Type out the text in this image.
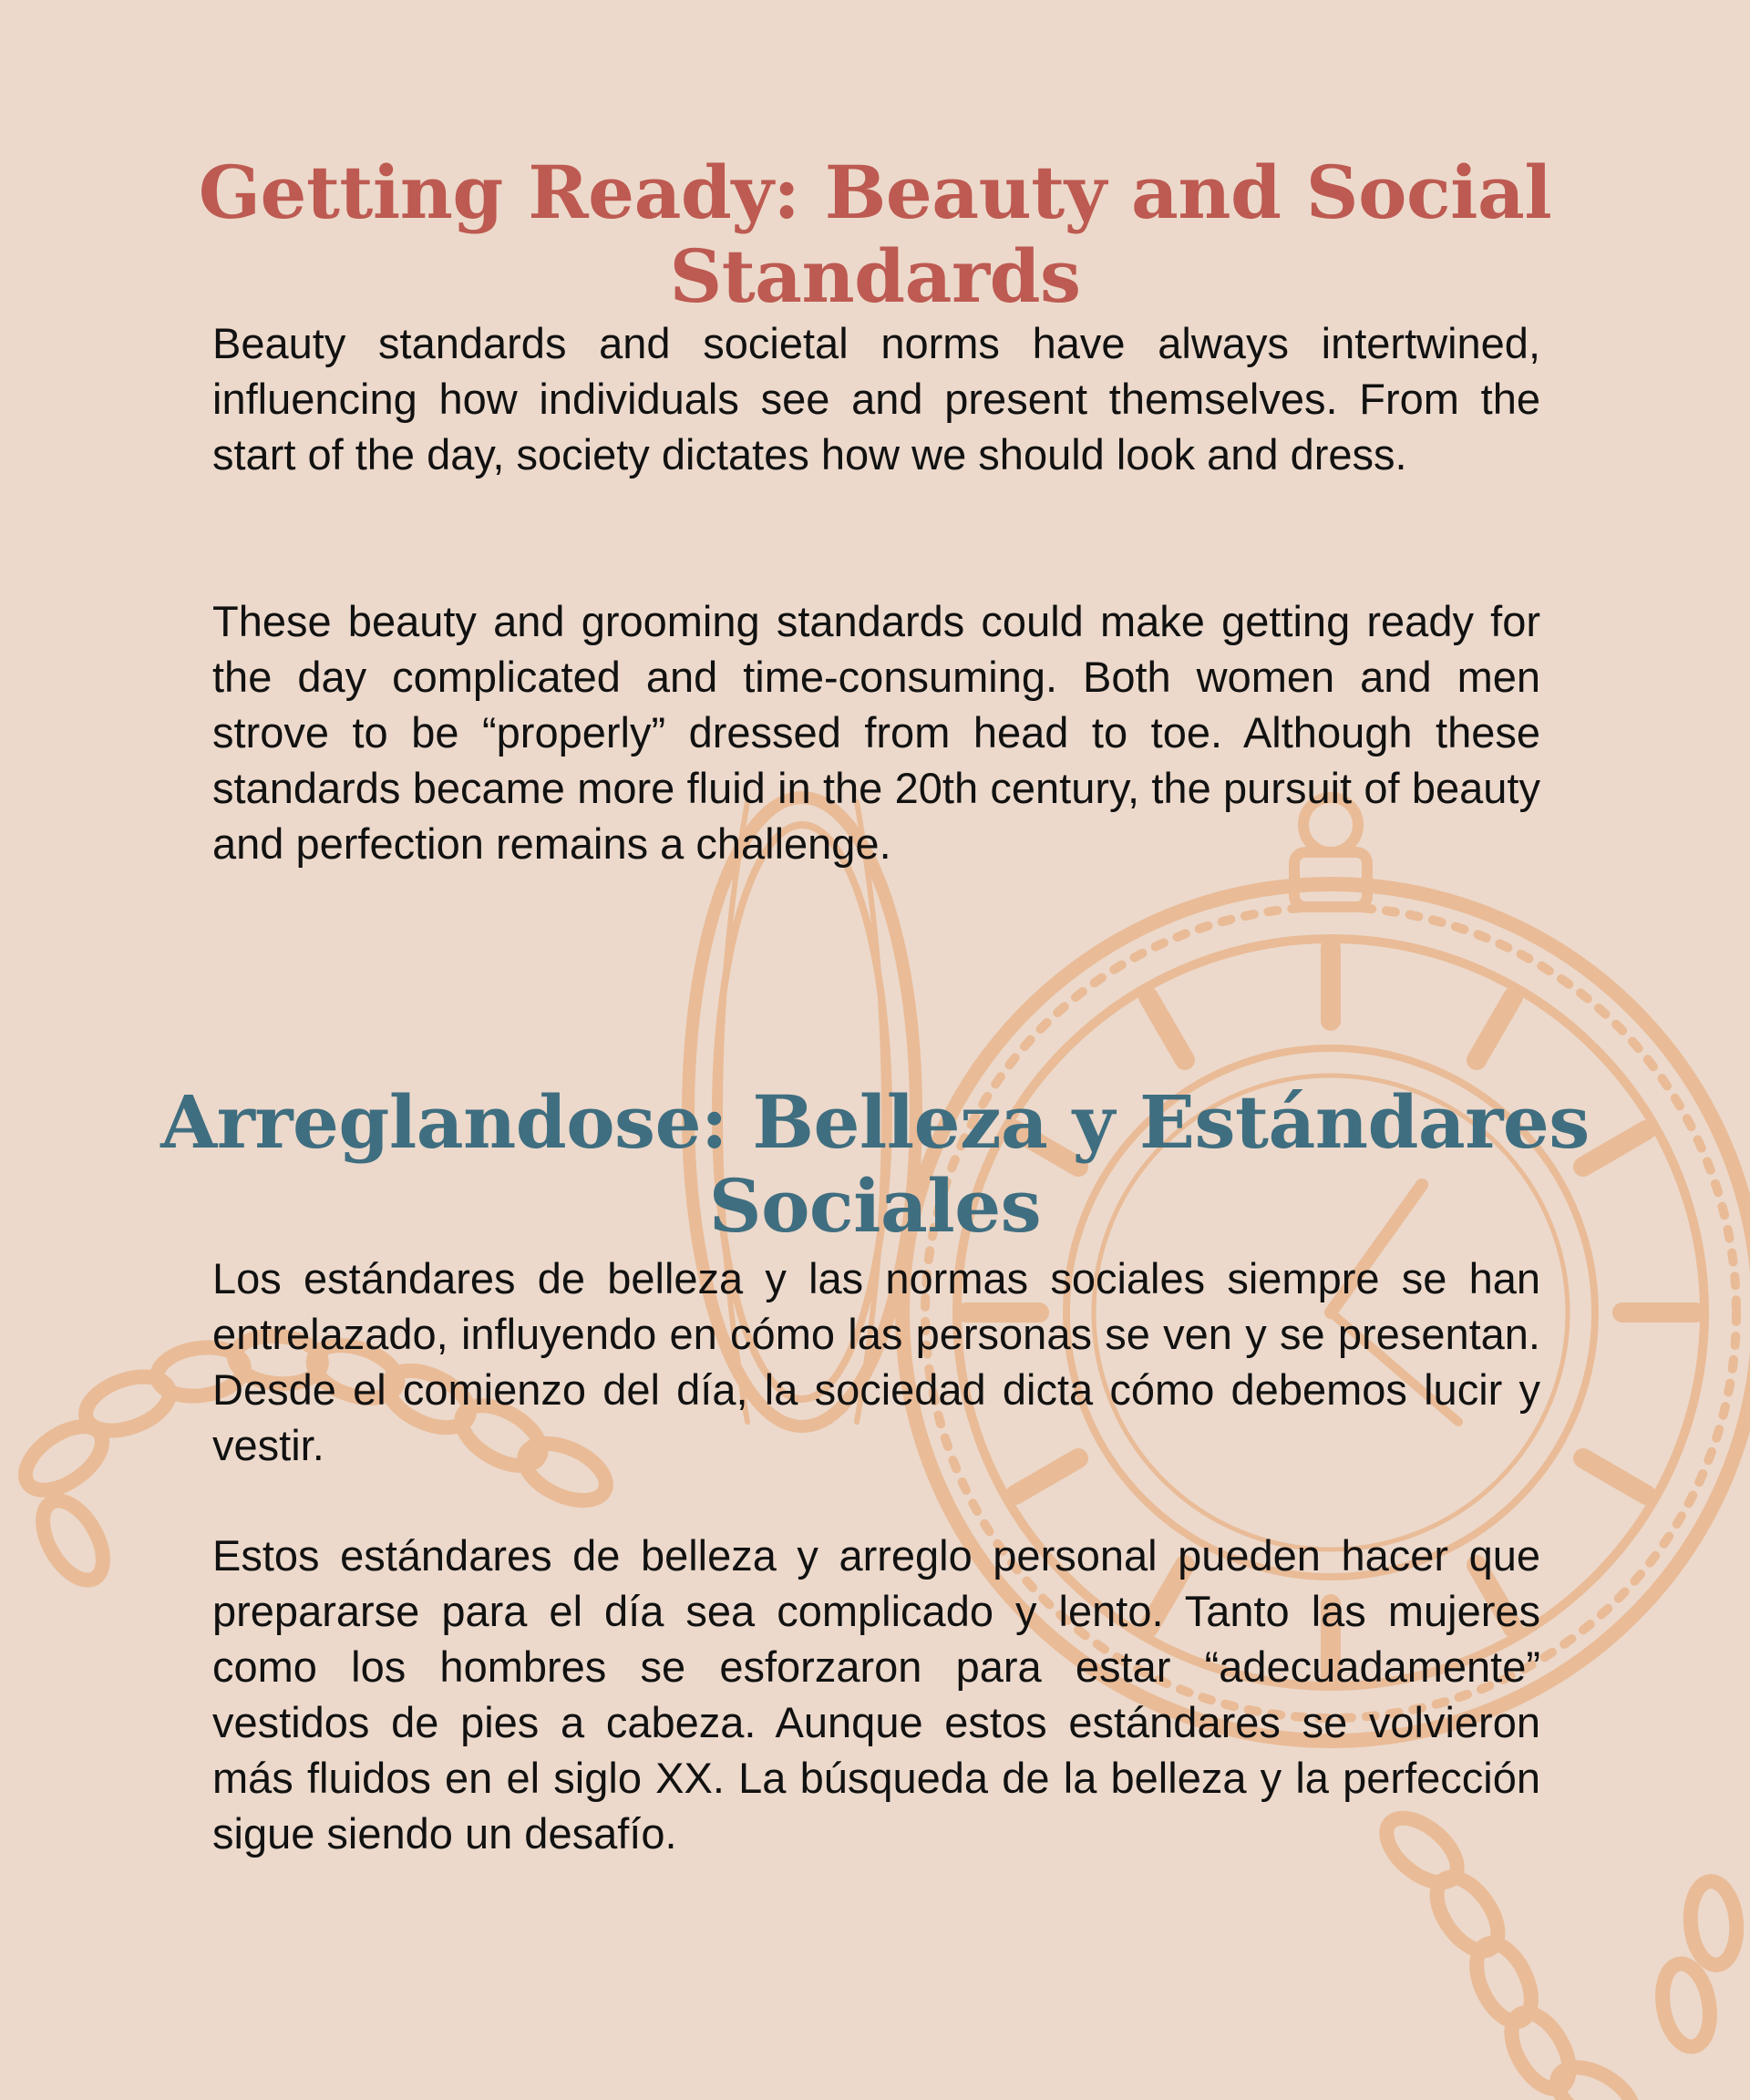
Getting Ready: Beauty and Social Standards

Beauty standards and societal norms have always intertwined, influencing how individuals see and present themselves. From the start of the day, society dictates how we should look and dress.

These beauty and grooming standards could make getting ready for the day complicated and time-consuming. Both women and men strove to be “properly” dressed from head to toe. Although these standards became more fluid in the 20th century, the pursuit of beauty and perfection remains a challenge.

Arreglandose: Belleza y Estándares Sociales

Los estándares de belleza y las normas sociales siempre se han entrelazado, influyendo en cómo las personas se ven y se presentan. Desde el comienzo del día, la sociedad dicta cómo debemos lucir y vestir.

Estos estándares de belleza y arreglo personal pueden hacer que prepararse para el día sea complicado y lento. Tanto las mujeres como los hombres se esforzaron para estar “adecuadamente” vestidos de pies a cabeza. Aunque estos estándares se volvieron más fluidos en el siglo XX. La búsqueda de la belleza y la perfección sigue siendo un desafío.
